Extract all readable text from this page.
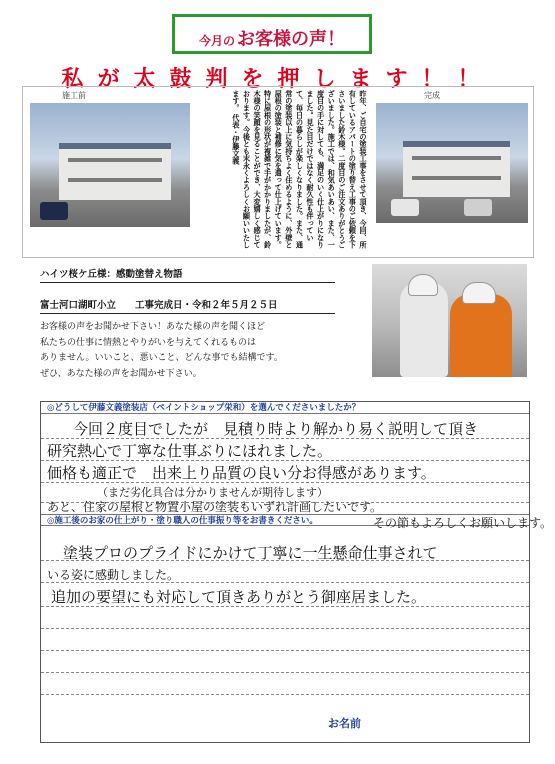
今月の お客様の声！
私が太鼓判を押します！！
施工前	完成
昨年、ご自宅の塗装工事をさせて頂き、今回、所有しているアパートの塗り替え工事のご依頼を下さいました鈴木様。二度目のご注文ありがとうございました。施工では、和気あいあい、また、一度目の手に対しても、満足のいく仕上がりになりました。見た目だけではなく耐久性も伴っていて、毎日の暮らしが楽しくなりました。また、通常の塗装以上に気持ちよく住めるように、外壁と屋根の塗装と補修に気を遣って仕上げています。特に屋根の形状が複雑で手がかかりましたが、鈴木様の笑顔を見ることができ、大変嬉しく感じております。今後とも末永くよろしくお願いいたします。 代表・伊藤文義
ハイツ桜ケ丘様：感動塗替え物語
富士河口湖町小立　　工事完成日・令和２年５月２５日
お客様の声をお聞かせ下さい！あなた様の声を聞くほど
私たちの仕事に情熱とやりがいを与えてくれるものは
ありません。いいこと、悪いこと、どんな事でも結構です。
ぜひ、あなた様の声をお聞かせ下さい。
◎どうして伊藤文義塗装店（ペイントショップ栄和）を選んでくださいましたか？
今回２度目でしたが　見積り時より解かり易く説明して頂き
研究熱心で丁寧な仕事ぶりにほれました。
価格も適正で　出来上り品質の良い分お得感があります。
（まだ劣化具合は分かりませんが期待します）
あと、住家の屋根と物置小屋の塗装もいずれ計画したいです。
◎施工後のお家の仕上がり・塗り職人の仕事振り等をお書きください。	その節もよろしくお願いします。
塗装プロのプライドにかけて丁寧に一生懸命仕事されて
いる姿に感動しました。
追加の要望にも対応して頂きありがとう御座居ました。
お名前
